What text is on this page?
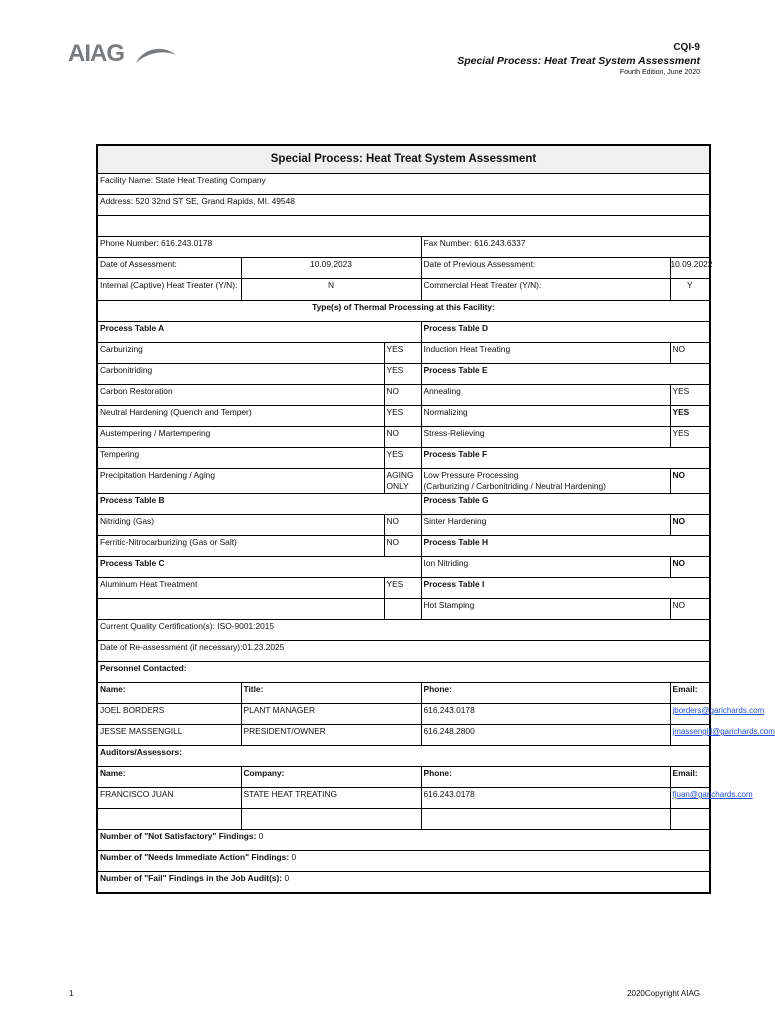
AIAG	CQI-9
Special Process: Heat Treat System Assessment
Fourth Edition, June 2020
Special Process: Heat Treat System Assessment				
Facility Name: State Heat Treating Company				
Address: 520 32nd ST SE, Grand Rapids, MI. 49548				

Phone Number: 616.243.0178			Fax Number: 616.243.6337	
Date of Assessment:	10.09.2023		Date of Previous Assessment:	10.09.2022
Internal (Captive) Heat Treater (Y/N):	N		Commercial Heat Treater (Y/N):	Y
Type(s) of Thermal Processing at this Facility:				
Process Table A			Process Table D	
Carburizing		YES	Induction Heat Treating	NO
Carbonitriding		YES	Process Table E	
Carbon Restoration		NO	Annealing	YES
Neutral Hardening (Quench and Temper)		YES	Normalizing	YES
Austempering / Martempering		NO	Stress-Relieving	YES
Tempering		YES	Process Table F	
Precipitation Hardening / Aging		AGING ONLY	Low Pressure Processing
(Carburizing / Carbonitriding / Neutral Hardening)	NO
Process Table B			Process Table G	
Nitriding (Gas)		NO	Sinter Hardening	NO
Ferritic-Nitrocarburizing (Gas or Salt)		NO	Process Table H	
Process Table C			Ion Nitriding	NO
Aluminum Heat Treatment		YES	Process Table I	
			Hot Stamping	NO
Current Quality Certification(s): ISO-9001:2015				
Date of Re-assessment (if necessary):01.23.2025				
Personnel Contacted:				
Name:	Title:		Phone:	Email:
JOEL BORDERS	PLANT MANAGER		616.243.0178	jborders@garichards.com
JESSE MASSENGILL	PRESIDENT/OWNER		616.248.2800	jmassengill@garichards.com
Auditors/Assessors:				
Name:	Company:		Phone:	Email:
FRANCISCO JUAN	STATE HEAT TREATING		616.243.0178	fjuan@garichards.com

Number of "Not Satisfactory" Findings: 0				
Number of "Needs Immediate Action" Findings: 0				
Number of "Fail" Findings in the Job Audit(s): 0				
1	2020Copyright AIAG
